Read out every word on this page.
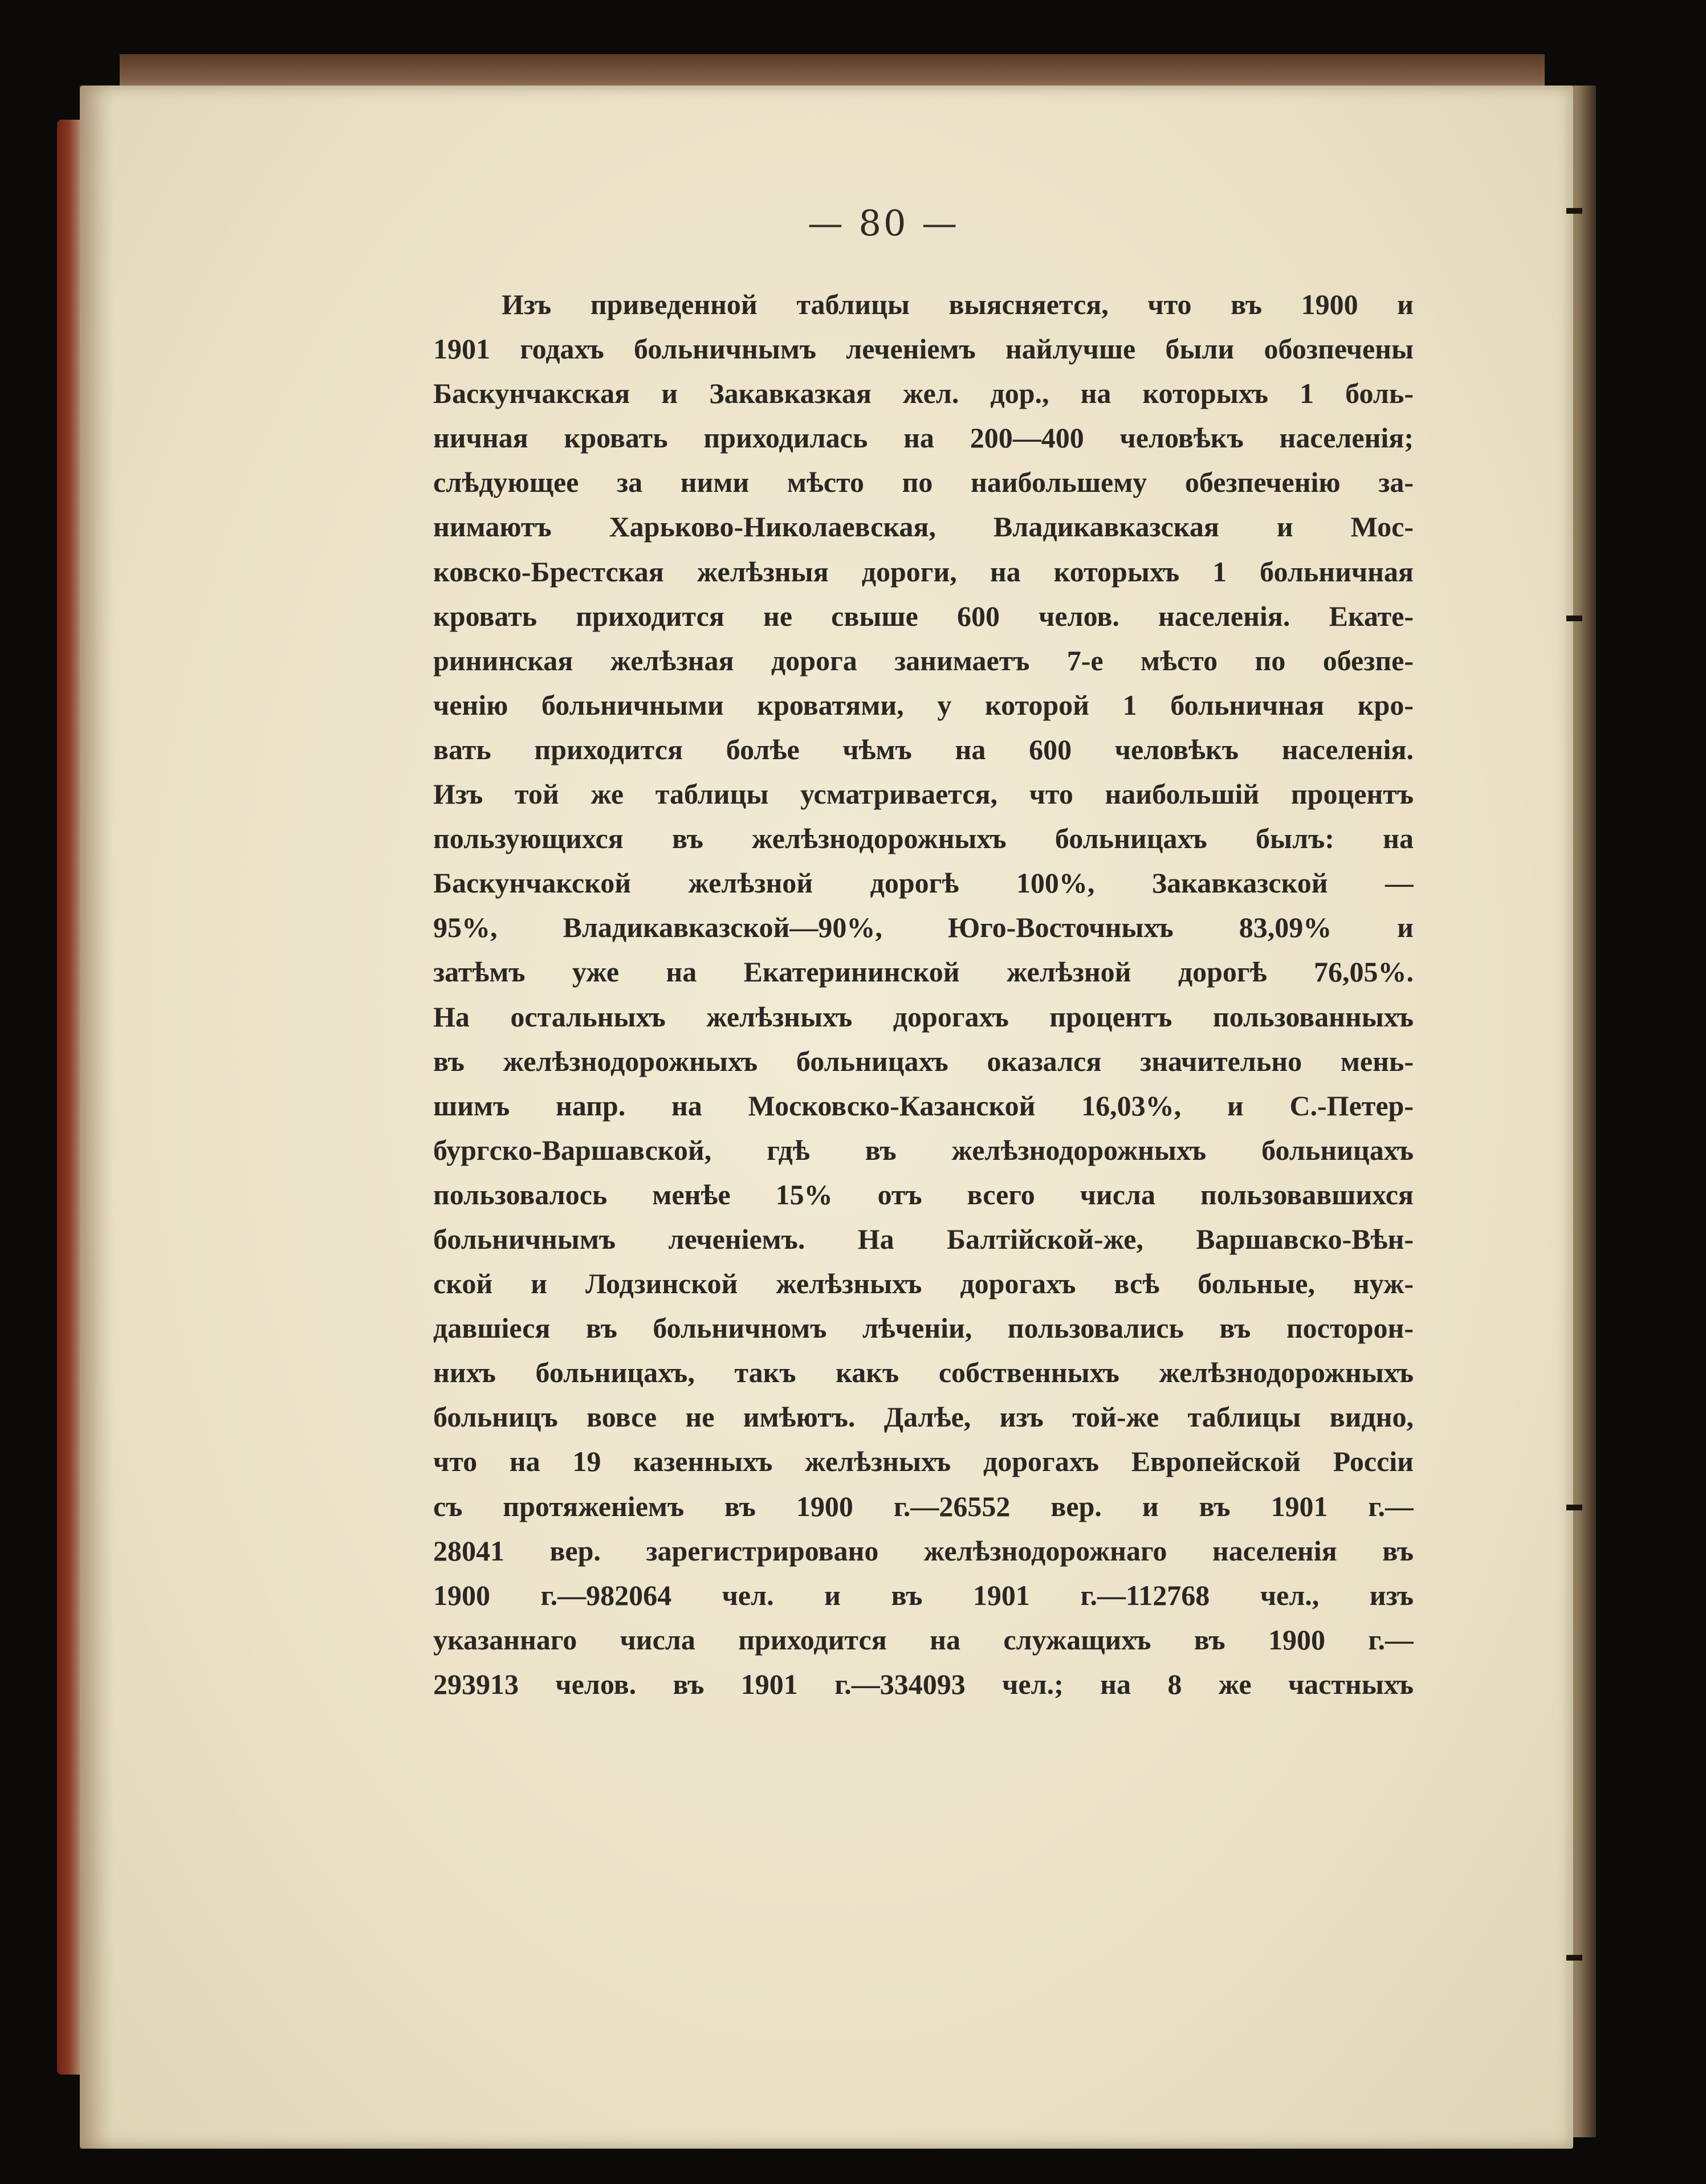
— 80 —
Изъ приведенной таблицы выясняется, что въ 1900 и
1901 годахъ больничнымъ леченіемъ найлучше были обозпечены
Баскунчакская и Закавказкая жел. дор., на которыхъ 1 боль-
ничная кровать приходилась на 200—400 человѣкъ населенія;
слѣдующее за ними мѣсто по наибольшему обезпеченію за-
нимаютъ Харьково-Николаевская, Владикавказская и Мос-
ковско-Брестская желѣзныя дороги, на которыхъ 1 больничная
кровать приходится не свыше 600 челов. населенія. Екате-
рининская желѣзная дорога занимаетъ 7-е мѣсто по обезпе-
ченію больничными кроватями, у которой 1 больничная кро-
вать приходится болѣе чѣмъ на 600 человѣкъ населенія.
Изъ той же таблицы усматривается, что наибольшій процентъ
пользующихся въ желѣзнодорожныхъ больницахъ былъ: на
Баскунчакской желѣзной дорогѣ 100%, Закавказской —
95%, Владикавказской—90%, Юго-Восточныхъ 83,09% и
затѣмъ уже на Екатерининской желѣзной дорогѣ 76,05%.
На остальныхъ желѣзныхъ дорогахъ процентъ пользованныхъ
въ желѣзнодорожныхъ больницахъ оказался значительно мень-
шимъ напр. на Московско-Казанской 16,03%, и С.-Петер-
бургско-Варшавской, гдѣ въ желѣзнодорожныхъ больницахъ
пользовалось менѣе 15% отъ всего числа пользовавшихся
больничнымъ леченіемъ. На Балтійской-же, Варшавско-Вѣн-
ской и Лодзинской желѣзныхъ дорогахъ всѣ больные, нуж-
давшіеся въ больничномъ лѣченіи, пользовались въ посторон-
нихъ больницахъ, такъ какъ собственныхъ желѣзнодорожныхъ
больницъ вовсе не имѣютъ. Далѣе, изъ той-же таблицы видно,
что на 19 казенныхъ желѣзныхъ дорогахъ Европейской Россіи
съ протяженіемъ въ 1900 г.—26552 вер. и въ 1901 г.—
28041 вер. зарегистрировано желѣзнодорожнаго населенія въ
1900 г.—982064 чел. и въ 1901 г.—112768 чел., изъ
указаннаго числа приходится на служащихъ въ 1900 г.—
293913 челов. въ 1901 г.—334093 чел.; на 8 же частныхъ
